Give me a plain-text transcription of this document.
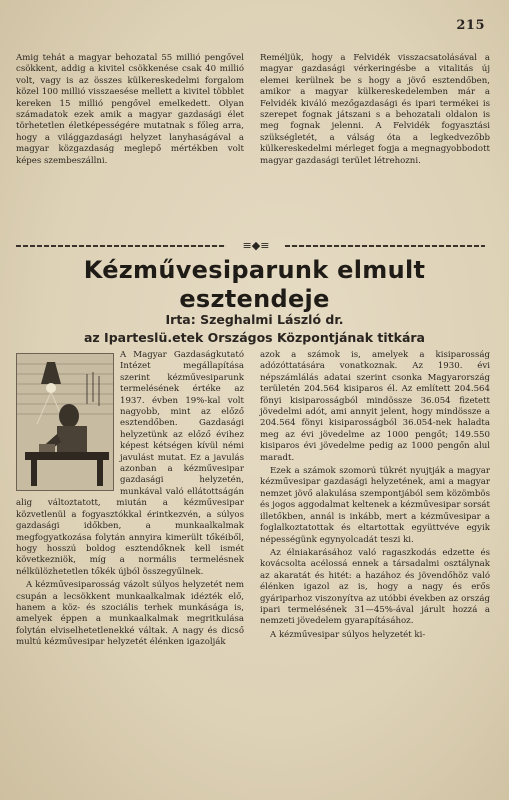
215

Amig tehát a magyar behozatal 55 millió pengővel csökkent, addig a kivitel csökkenése csak 40 millió volt, vagy is az összes külkereskedelmi forgalom közel 100 millió visszaesése mellett a kivitel többlet kereken 15 millió pengővel emelkedett. Olyan számadatok ezek amik a magyar gazdasági élet törhetetlen életképességére mutatnak s főleg arra, hogy a világgazdasági helyzet lanyhaságával a magyar közgazdaság meglepő mértékben volt képes szembeszállni.

Reméljük, hogy a Felvidék visszacsatolásával a magyar gazdasági vérkeringésbe a vitalitás új elemei kerülnek be s hogy a jövő esztendőben, amikor a magyar külkereskedelemben már a Felvidék kiváló mezőgazdasági és ipari termékei is szerepet fognak játszani s a behozatali oldalon is meg fognak jelenni. A Felvidék fogyasztási szükségletét, a válság óta a legkedvezőbb külkereskedelmi mérleget fogja a megnagyobbodott magyar gazdasági terület létrehozni.

≡◆≡
Kézművesiparunk elmult
esztendeje
Irta: Szeghalmi László dr.
az Iparteslü.etek Országos Központjának titkára

A Magyar Gazdaságkutató Intézet megállapítása szerint kézművesiparunk termelésének értéke az 1937. évben 19%-kal volt nagyobb, mint az előző esztendőben. Gazdasági helyzetünk az előző évihez képest kétségen kívül némi javulást mutat. Ez a javulás azonban a kézművesipar gazdasági helyzetén, munkával való ellátottságán alig változtatott, miután a kézművesipar közvetlenül a fogyasztókkal érintkezvén, a súlyos gazdasági időkben, a munkaalkalmak megfogyatkozása folytán annyira kimerült tőkéiből, hogy hosszú boldog esztendőknek kell ismét következniök, míg a normális termelésnek nélkülözhetetlen tőkék újból összegyűlnek.

A kézművesiparosság vázolt súlyos helyzetét nem csupán a lecsökkent munkaalkalmak idézték elő, hanem a köz- és szociális terhek munkásága is, amelyek éppen a munkaalkalmak megritkulása folytán elviselhetetlenekké váltak. A nagy és dicső multú kézművesipar helyzetét élénken igazolják

azok a számok is, amelyek a kisiparosság adózóttatására vonatkoznak. Az 1930. évi népszámlálás adatai szerint csonka Magyarország területén 204.564 kisiparos él. Az említett 204.564 fönyi kisiparosságból mindössze 36.054 fizetett jövedelmi adót, ami annyit jelent, hogy mindössze a 204.564 fönyi kisiparosságból 36.054-nek haladta meg az évi jövedelme az 1000 pengőt; 149.550 kisiparos évi jövedelme pedig az 1000 pengőn alul maradt.

Ezek a számok szomorú tükrét nyujtják a magyar kézművesipar gazdasági helyzetének, ami a magyar nemzet jövő alakulása szempontjából sem közömbös és jogos aggodalmat keltenek a kézművesipar sorsát illetőkben, annál is inkább, mert a kézművesipar a foglalkoztatottak és eltartottak együttvéve egyik népességünk egynyolcadát teszi ki.

Az élniakarásához való ragaszkodás edzette és kovácsolta acélossá ennek a társadalmi osztálynak az akaratát és hitét: a hazához és jövendőhöz való élénken igazol az is, hogy a nagy és erős gyáriparhoz viszonyítva az utóbbi években az ország ipari termelésének 31—45%-ával járult hozzá a nemzeti jövedelem gyarapításához.

A kézművesipar súlyos helyzetét ki-
